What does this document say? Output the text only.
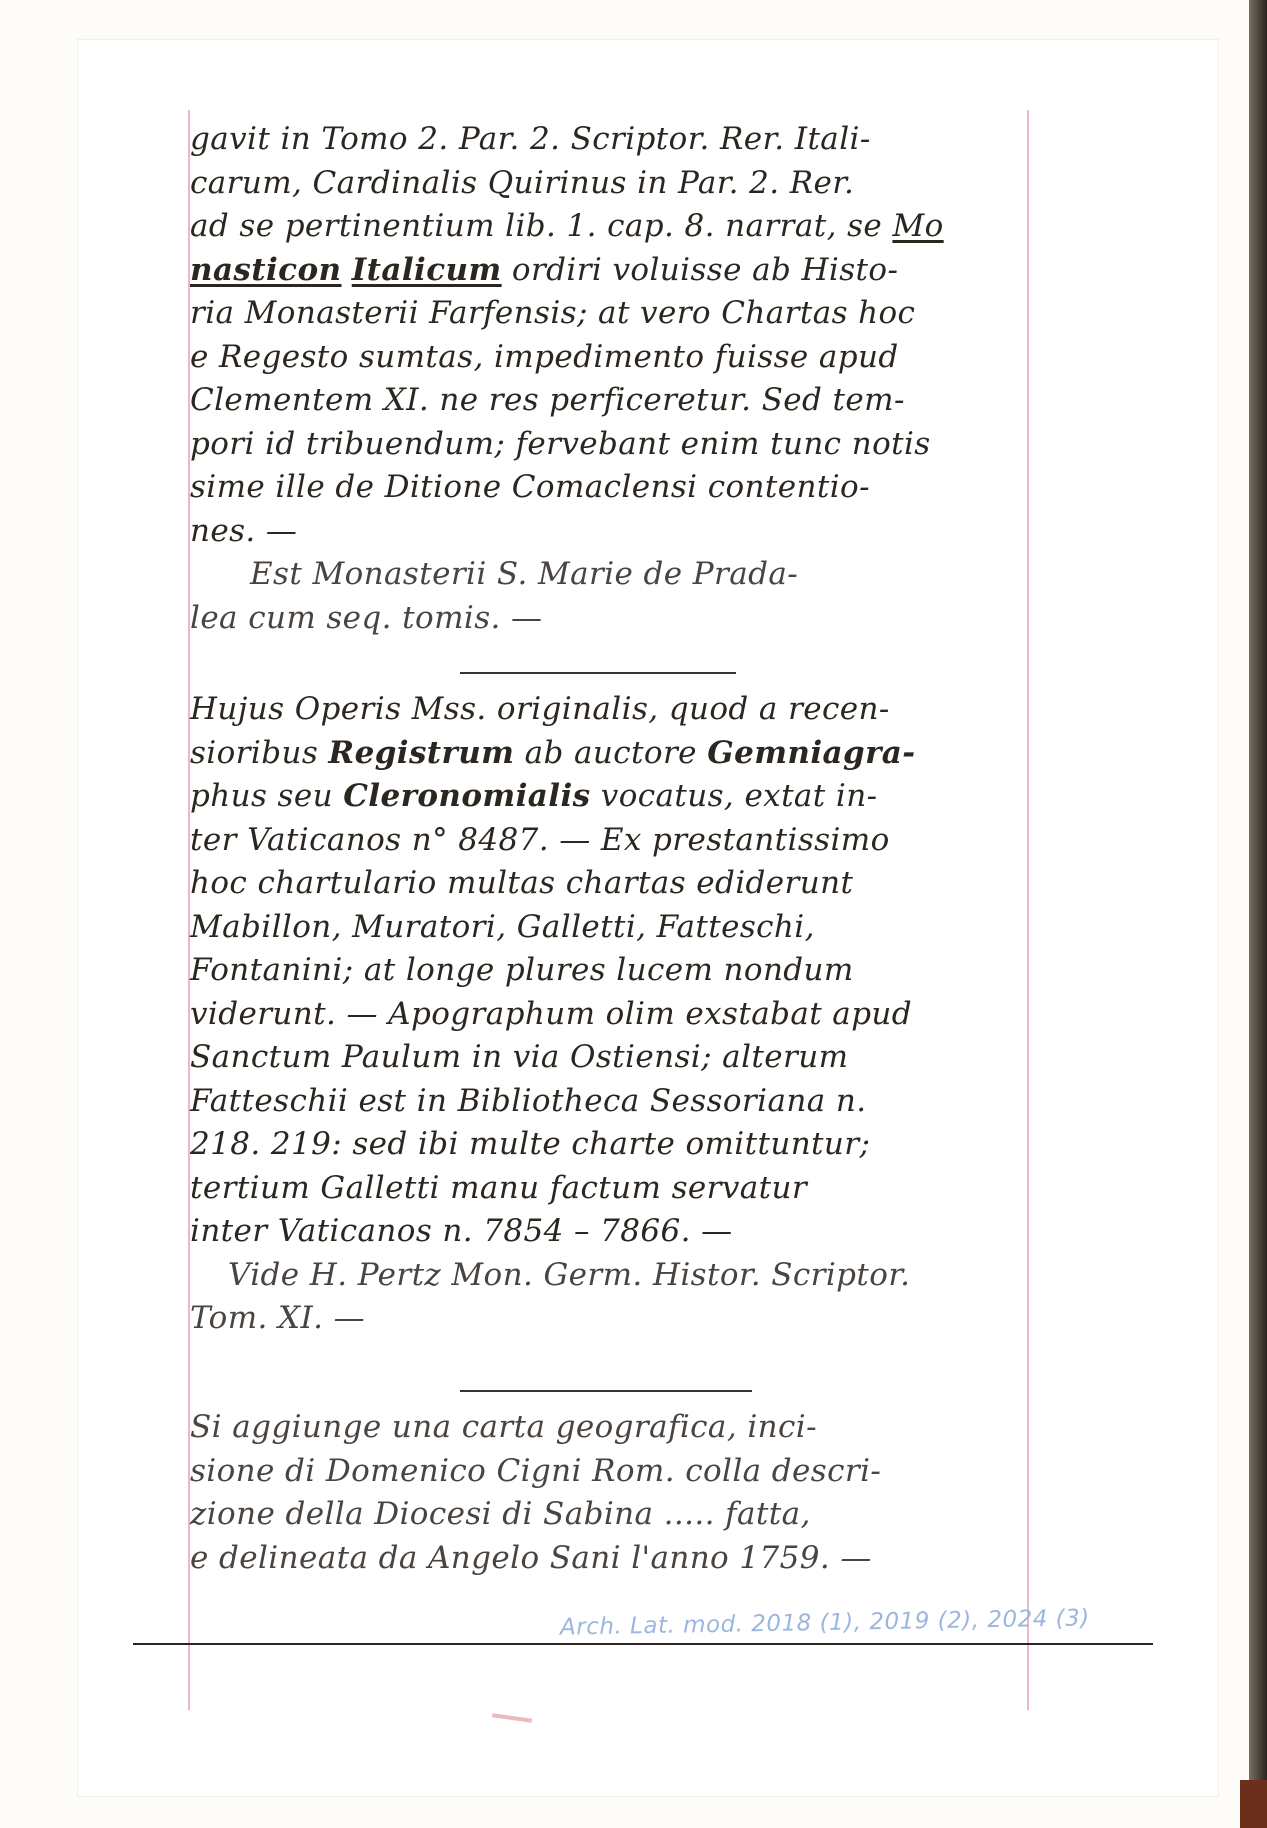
gavit in Tomo 2. Par. 2. Scriptor. Rer. Itali-
carum, Cardinalis Quirinus in Par. 2. Rer.
ad se pertinentium lib. 1. cap. 8. narrat, se Mo
nasticon Italicum ordiri voluisse ab Histo-
ria Monasterii Farfensis; at vero Chartas hoc
e Regesto sumtas, impedimento fuisse apud
Clementem XI. ne res perficeretur. Sed tem-
pori id tribuendum; fervebant enim tunc notis
sime ille de Ditione Comaclensi contentio-
nes. —
Est Monasterii S. Marie de Prada-
lea cum seq. tomis. —
Hujus Operis Mss. originalis, quod a recen-
sioribus Registrum ab auctore Gemniagra-
phus seu Cleronomialis vocatus, extat in-
ter Vaticanos n° 8487. — Ex prestantissimo
hoc chartulario multas chartas ediderunt
Mabillon, Muratori, Galletti, Fatteschi,
Fontanini; at longe plures lucem nondum
viderunt. — Apographum olim exstabat apud
Sanctum Paulum in via Ostiensi; alterum
Fatteschii est in Bibliotheca Sessoriana n.
218. 219: sed ibi multe charte omittuntur;
tertium Galletti manu factum servatur
inter Vaticanos n. 7854 – 7866. —
Vide H. Pertz Mon. Germ. Histor. Scriptor.
Tom. XI. —
Si aggiunge una carta geografica, inci-
sione di Domenico Cigni Rom. colla descri-
zione della Diocesi di Sabina ..... fatta,
e delineata da Angelo Sani l'anno 1759. —
Arch. Lat. mod. 2018 (1), 2019 (2), 2024 (3)
